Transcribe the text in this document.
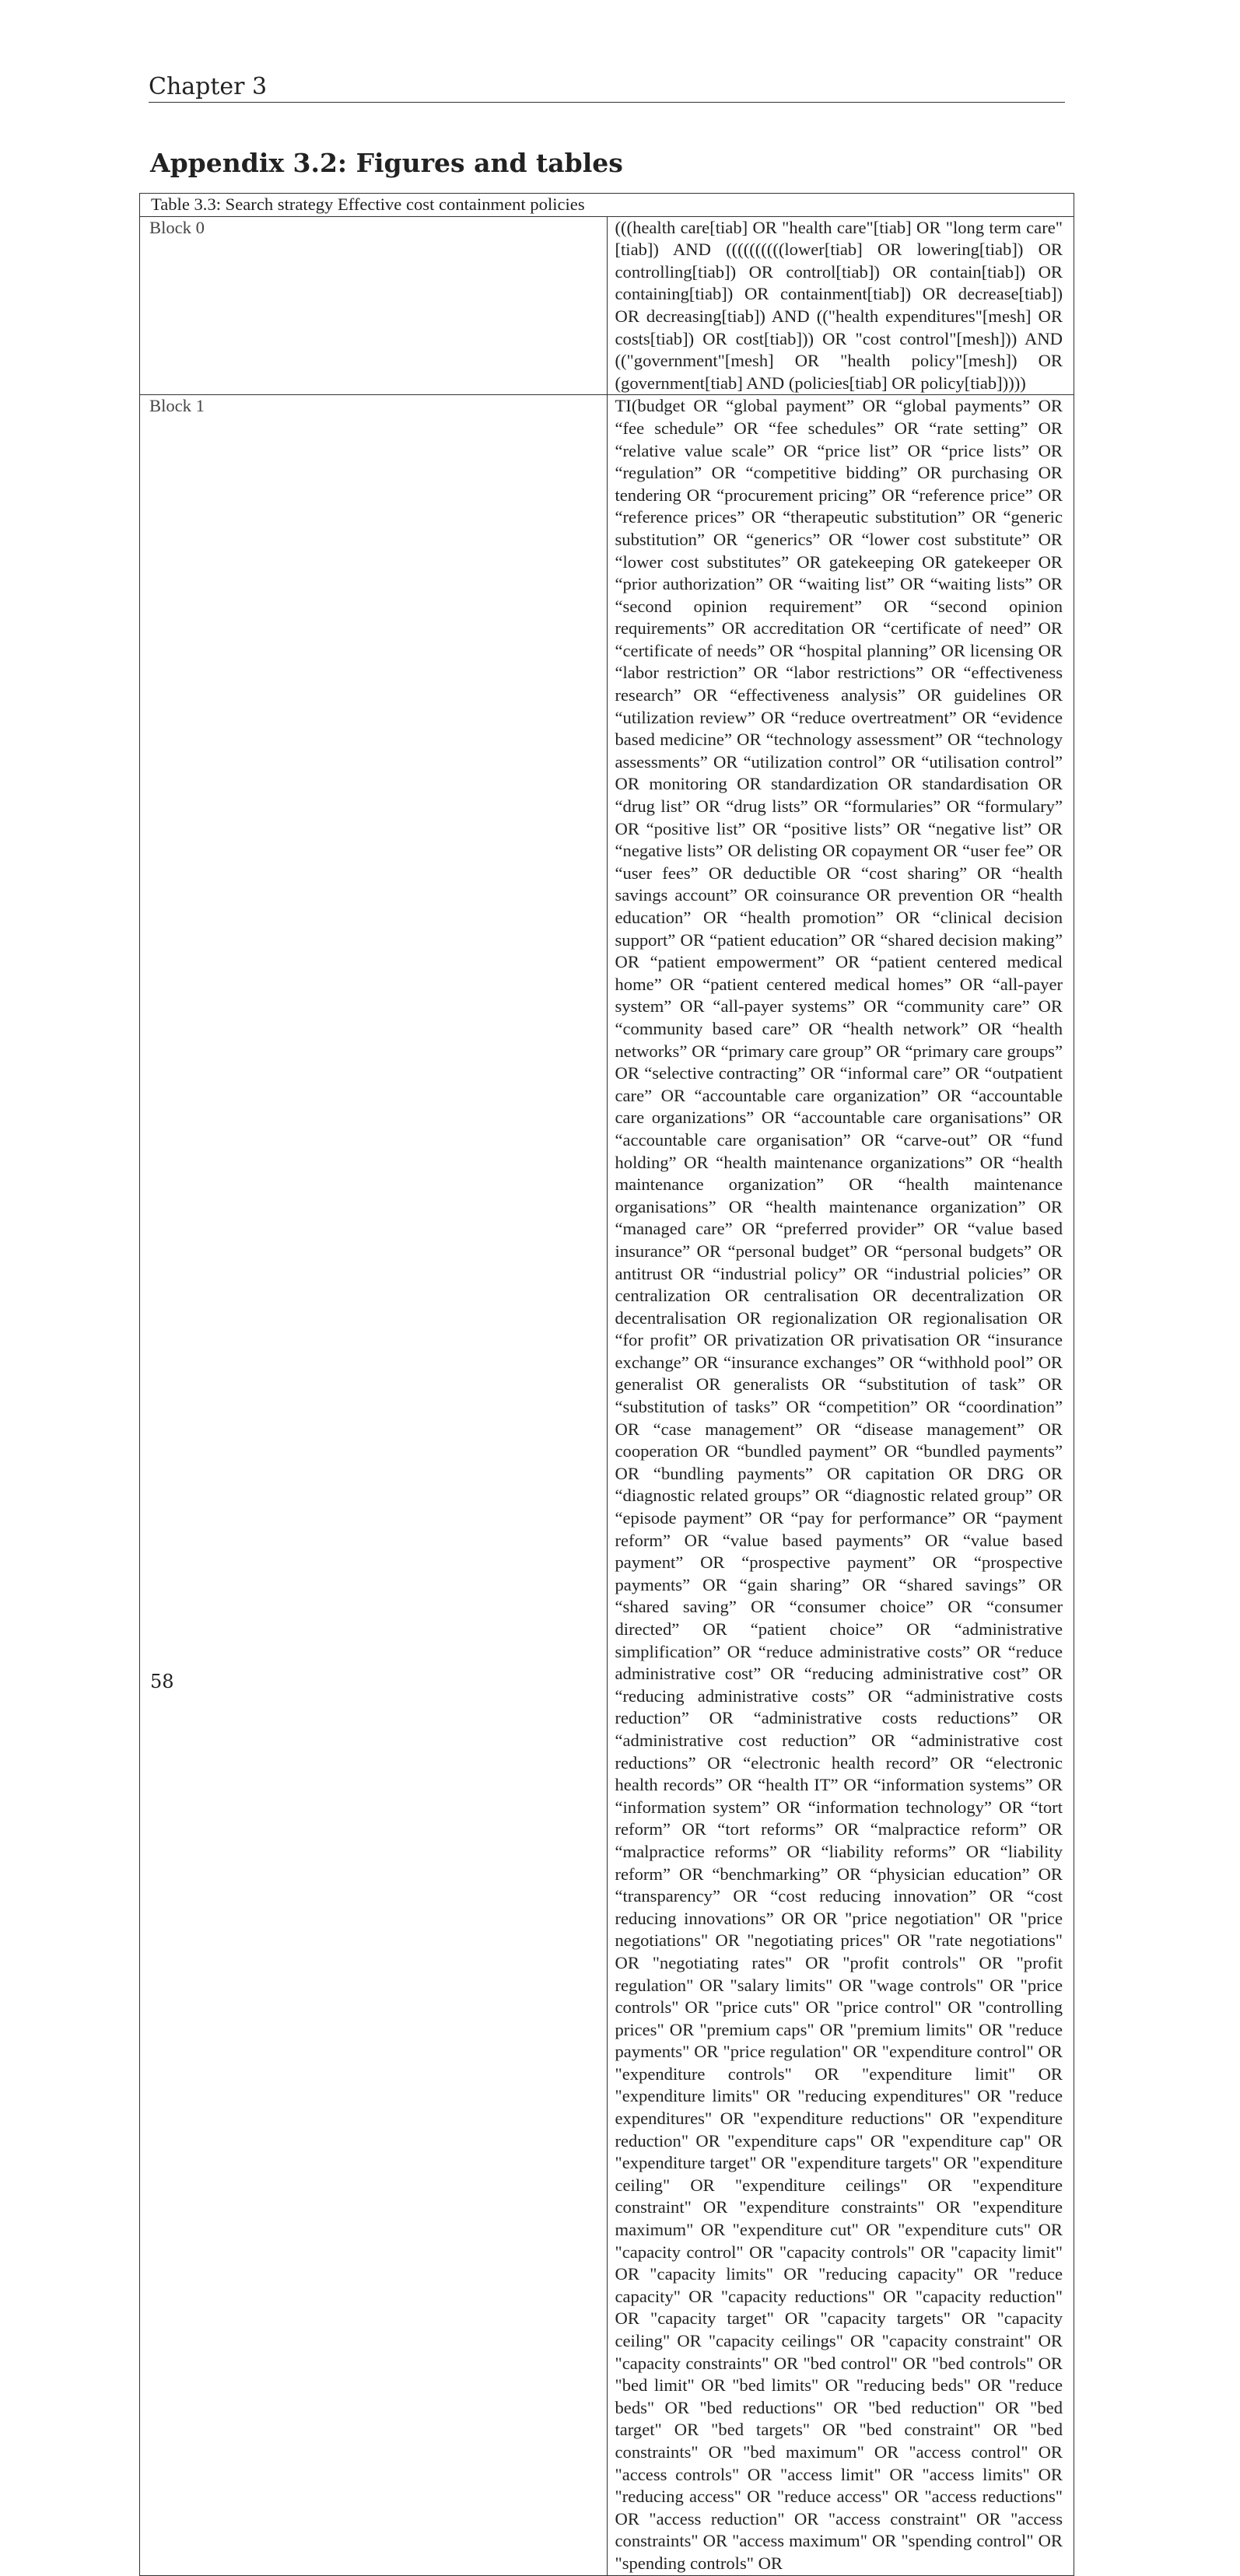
Chapter 3
Appendix 3.2: Figures and tables
Table 3.3: Search strategy Effective cost containment policies	
Block 0	(((health care[tiab] OR "health care"[tiab] OR "long term care"[tiab]) AND ((((((((((lower[tiab] OR lowering[tiab]) OR controlling[tiab]) OR control[tiab]) OR contain[tiab]) OR containing[tiab]) OR containment[tiab]) OR decrease[tiab]) OR decreasing[tiab]) AND (("health expenditures"[mesh] OR costs[tiab]) OR cost[tiab])) OR "cost control"[mesh])) AND (("government"[mesh] OR "health policy"[mesh]) OR (government[tiab] AND (policies[tiab] OR policy[tiab]))))
Block 1	TI(budget OR “global payment” OR “global payments” OR “fee schedule” OR “fee schedules” OR “rate setting” OR “relative value scale” OR “price list” OR “price lists” OR “regulation” OR “competitive bidding” OR purchasing OR tendering OR “procurement pricing” OR “reference price” OR “reference prices” OR “therapeutic substitution” OR “generic substitution” OR “generics” OR “lower cost substitute” OR “lower cost substitutes” OR gatekeeping OR gatekeeper OR “prior authorization” OR “waiting list” OR “waiting lists” OR “second opinion requirement” OR “second opinion requirements” OR accreditation OR “certificate of need” OR “certificate of needs” OR “hospital planning” OR licensing OR “labor restriction” OR “labor restrictions” OR “effectiveness research” OR “effectiveness analysis” OR guidelines OR “utilization review” OR “reduce overtreatment” OR “evidence based medicine” OR “technology assessment” OR “technology assessments” OR “utilization control” OR “utilisation control” OR monitoring OR standardization OR standardisation OR “drug list” OR “drug lists” OR “formularies” OR “formulary” OR “positive list” OR “positive lists” OR “negative list” OR “negative lists” OR delisting OR copayment OR “user fee” OR “user fees” OR deductible OR “cost sharing” OR “health savings account” OR coinsurance OR prevention OR “health education” OR “health promotion” OR “clinical decision support” OR “patient education” OR “shared decision making” OR “patient empowerment” OR “patient centered medical home” OR “patient centered medical homes” OR “all-payer system” OR “all-payer systems” OR “community care” OR “community based care” OR “health network” OR “health networks” OR “primary care group” OR “primary care groups” OR “selective contracting” OR “informal care” OR “outpatient care” OR “accountable care organization” OR “accountable care organizations” OR “accountable care organisations” OR “accountable care organisation” OR “carve-out” OR “fund holding” OR “health maintenance organizations” OR “health maintenance organization” OR “health maintenance organisations” OR “health maintenance organization” OR “managed care” OR “preferred provider” OR “value based insurance” OR “personal budget” OR “personal budgets” OR antitrust OR “industrial policy” OR “industrial policies” OR centralization OR centralisation OR decentralization OR decentralisation OR regionalization OR regionalisation OR “for profit” OR privatization OR privatisation OR “insurance exchange” OR “insurance exchanges” OR “withhold pool” OR generalist OR generalists OR “substitution of task” OR “substitution of tasks” OR “competition” OR “coordination” OR “case management” OR “disease management” OR cooperation OR “bundled payment” OR “bundled payments” OR “bundling payments” OR capitation OR DRG OR “diagnostic related groups” OR “diagnostic related group” OR “episode payment” OR “pay for performance” OR “payment reform” OR “value based payments” OR “value based payment” OR “prospective payment” OR “prospective payments” OR “gain sharing” OR “shared savings” OR “shared saving” OR “consumer choice” OR “consumer directed” OR “patient choice” OR “administrative simplification” OR “reduce administrative costs” OR “reduce administrative cost” OR “reducing administrative cost” OR “reducing administrative costs” OR “administrative costs reduction” OR “administrative costs reductions” OR “administrative cost reduction” OR “administrative cost reductions” OR “electronic health record” OR “electronic health records” OR “health IT” OR “information systems” OR “information system” OR “information technology” OR “tort reform” OR “tort reforms” OR “malpractice reform” OR “malpractice reforms” OR “liability reforms” OR “liability reform” OR “benchmarking” OR “physician education” OR “transparency” OR “cost reducing innovation” OR “cost reducing innovations” OR OR "price negotiation" OR "price negotiations" OR "negotiating prices" OR "rate negotiations" OR "negotiating rates" OR "profit controls" OR "profit regulation" OR "salary limits" OR "wage controls" OR "price controls" OR "price cuts" OR "price control" OR "controlling prices" OR "premium caps" OR "premium limits" OR "reduce payments" OR "price regulation" OR "expenditure control" OR "expenditure controls" OR "expenditure limit" OR "expenditure limits" OR "reducing expenditures" OR "reduce expenditures" OR "expenditure reductions" OR "expenditure reduction" OR "expenditure caps" OR "expenditure cap" OR "expenditure target" OR "expenditure targets" OR "expenditure ceiling" OR "expenditure ceilings" OR "expenditure constraint" OR "expenditure constraints" OR "expenditure maximum" OR "expenditure cut" OR "expenditure cuts" OR "capacity control" OR "capacity controls" OR "capacity limit" OR "capacity limits" OR "reducing capacity" OR "reduce capacity" OR "capacity reductions" OR "capacity reduction" OR "capacity target" OR "capacity targets" OR "capacity ceiling" OR "capacity ceilings" OR "capacity constraint" OR "capacity constraints" OR "bed control" OR "bed controls" OR "bed limit" OR "bed limits" OR "reducing beds" OR "reduce beds" OR "bed reductions" OR "bed reduction" OR "bed target" OR "bed targets" OR "bed constraint" OR "bed constraints" OR "bed maximum" OR "access control" OR "access controls" OR "access limit" OR "access limits" OR "reducing access" OR "reduce access" OR "access reductions" OR "access reduction" OR "access constraint" OR "access constraints" OR "access maximum" OR "spending control" OR "spending controls" OR
58
